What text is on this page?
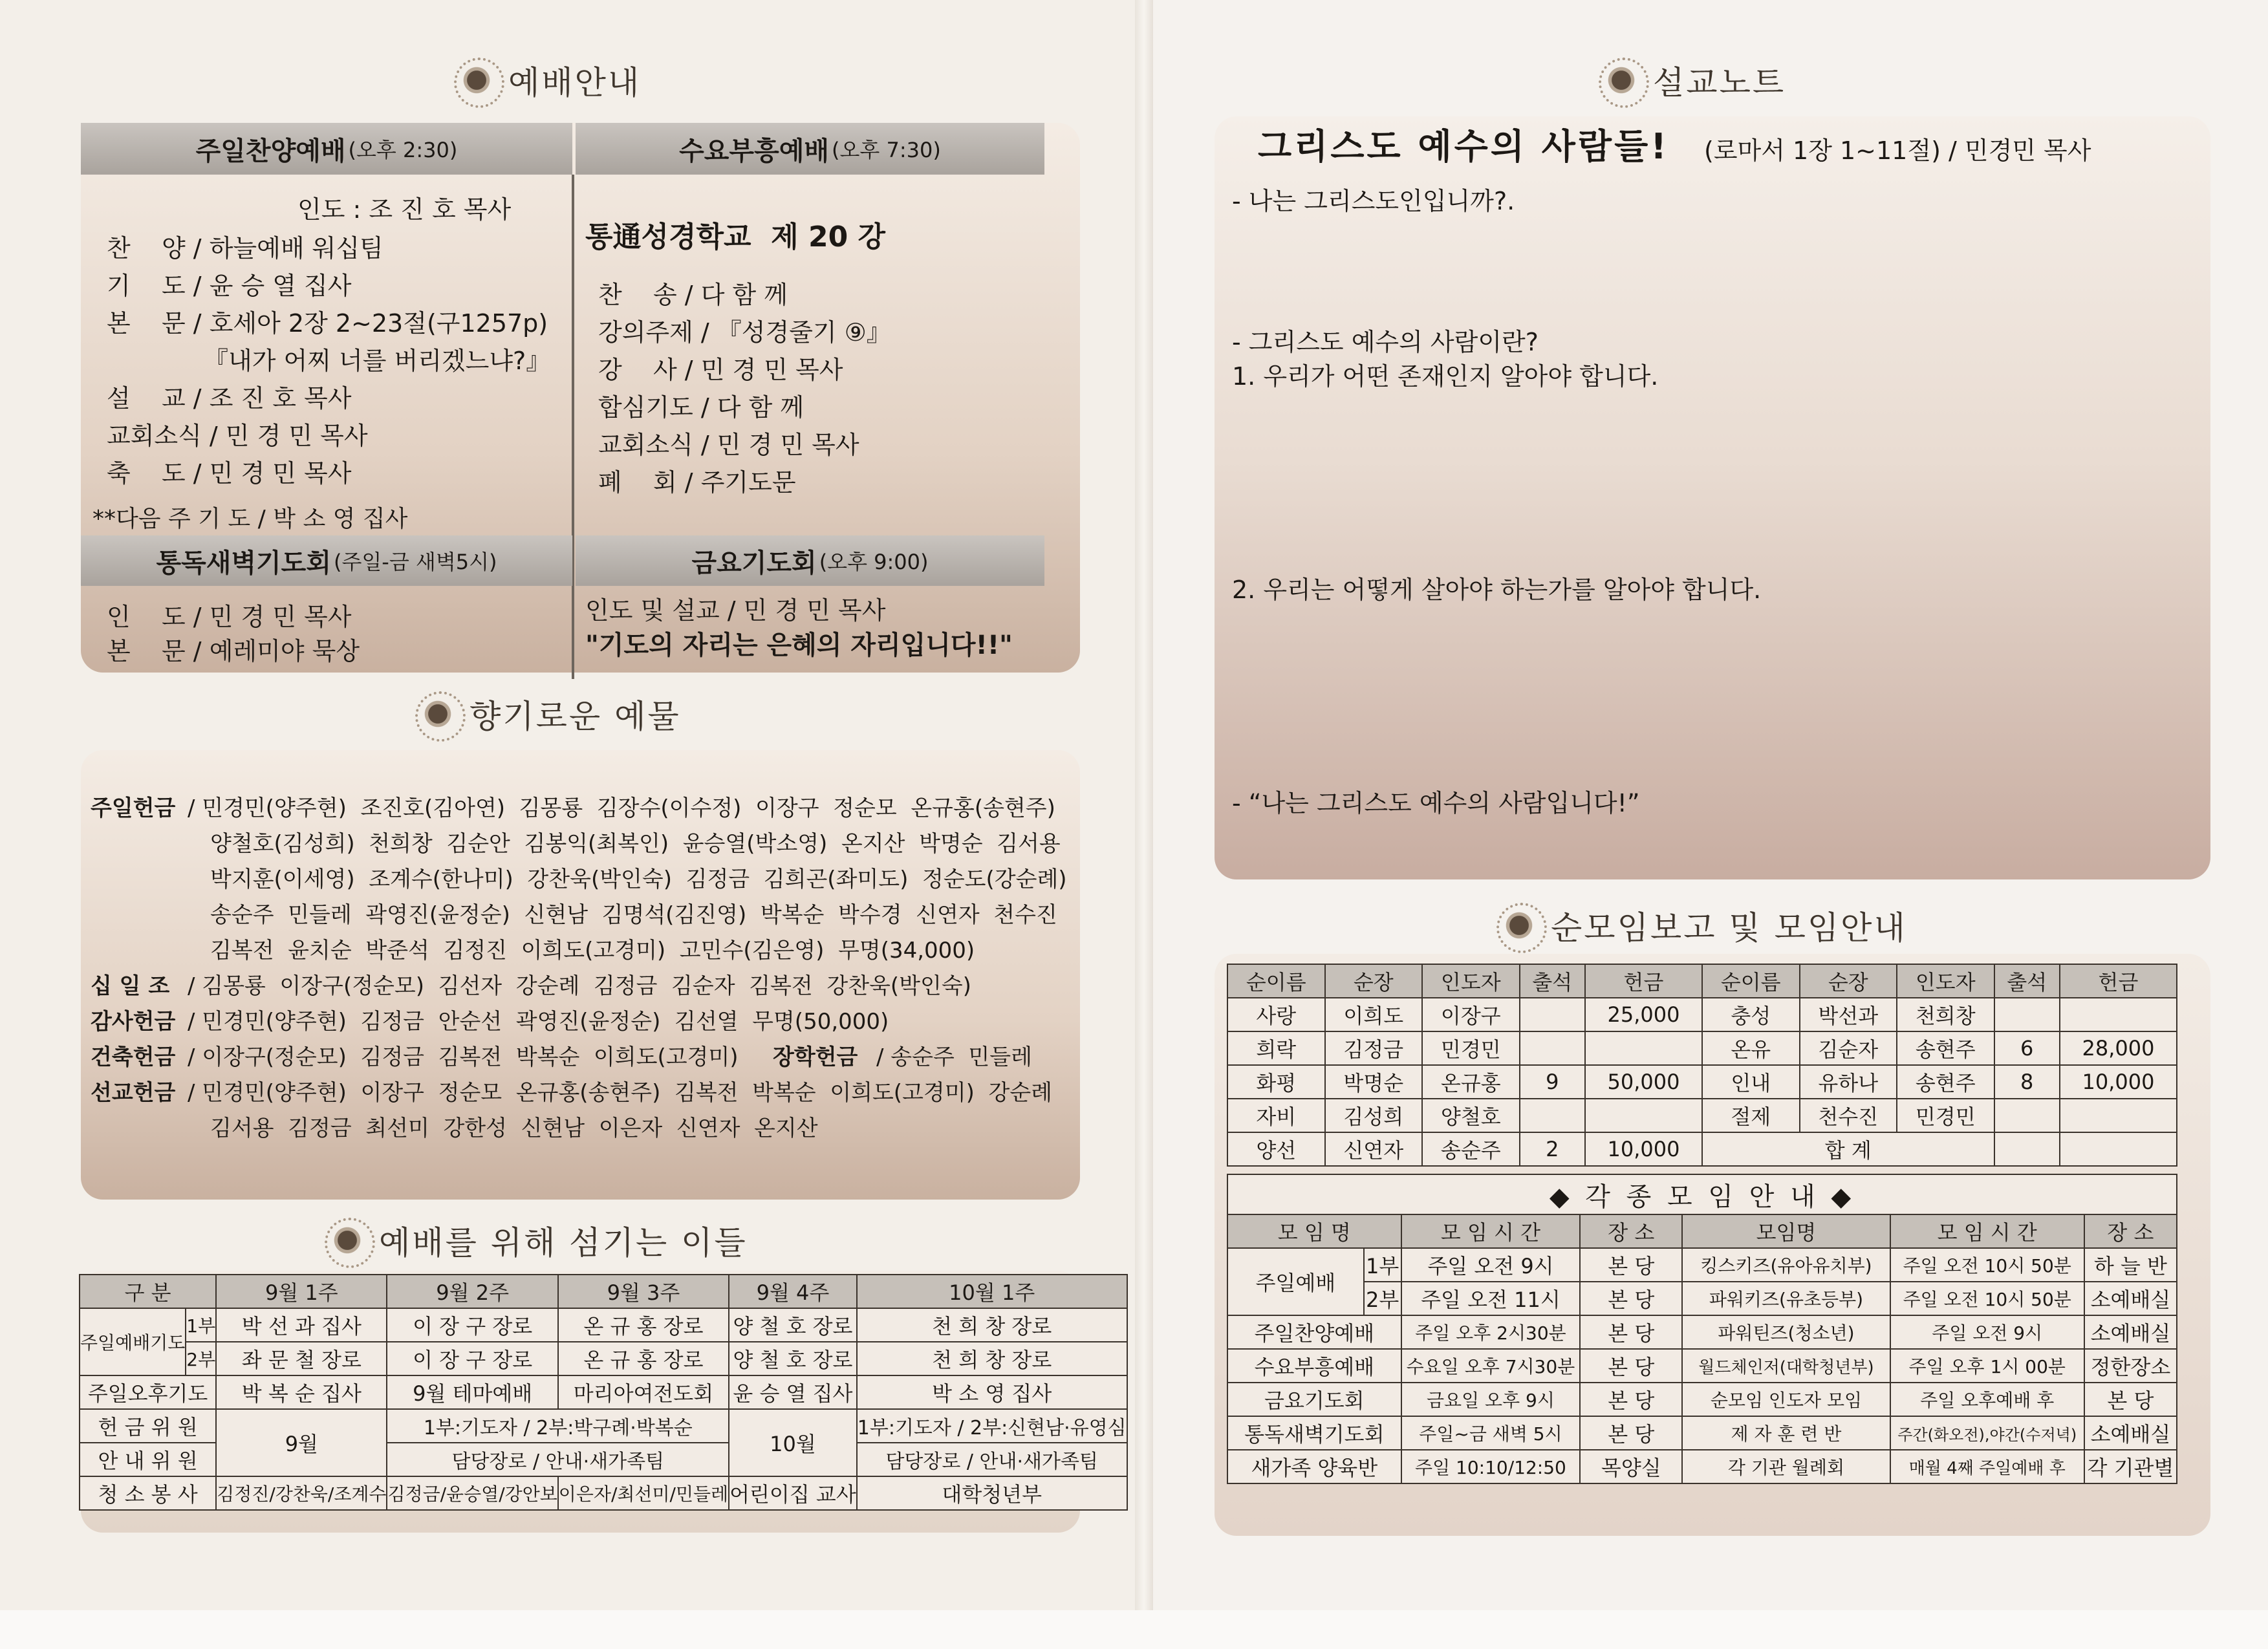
예배안내
주일찬양예배 (오후 2:30)	수요부흥예배 (오후 7:30)
인도 : 조 진 호 목사
찬    양 / 하늘예배 워십팀
기    도 / 윤 승 열 집사
본    문 / 호세아 2장 2~23절(구1257p)
『내가 어찌 너를 버리겠느냐?』
설    교 / 조 진 호 목사
교회소식 / 민 경 민 목사
축    도 / 민 경 민 목사
**다음 주 기 도 / 박 소 영 집사
통通성경학교  제 20 강
찬    송 / 다 함 께
강의주제 / 『성경줄기 ⑨』
강    사 / 민 경 민 목사
합심기도 / 다 함 께
교회소식 / 민 경 민 목사
폐    회 / 주기도문
통독새벽기도회 (주일-금 새벽5시)	금요기도회 (오후 9:00)
인    도 / 민 경 민 목사
본    문 / 예레미야 묵상
인도 및 설교 / 민 경 민 목사
"기도의 자리는 은혜의 자리입니다!!"
향기로운 예물
주일헌금 / 민경민(양주현)  조진호(김아연)  김몽룡  김장수(이수정)  이장구  정순모  온규홍(송현주)
양철호(김성희)  천희창  김순안  김봉익(최복인)  윤승열(박소영)  온지산  박명순  김서용
박지훈(이세영)  조계수(한나미)  강찬욱(박인숙)  김정금  김희곤(좌미도)  정순도(강순례)
송순주  민들레  곽영진(윤정순)  신현남  김명석(김진영)  박복순  박수경  신연자  천수진
김복전  윤치순  박준석  김정진  이희도(고경미)  고민수(김은영)  무명(34,000)
십 일 조 / 김몽룡  이장구(정순모)  김선자  강순례  김정금  김순자  김복전  강찬욱(박인숙)
감사헌금 / 민경민(양주현)  김정금  안순선  곽영진(윤정순)  김선열  무명(50,000)
건축헌금 / 이장구(정순모)  김정금  김복전  박복순  이희도(고경미) 장학헌금 / 송순주  민들레
선교헌금 / 민경민(양주현)  이장구  정순모  온규홍(송현주)  김복전  박복순  이희도(고경미)  강순례
김서용  김정금  최선미  강한성  신현남  이은자  신연자  온지산
예배를 위해 섬기는 이들
구 분		9월 1주	9월 2주	9월 3주	9월 4주	10월 1주
주일예배기도	1부	박 선 과 집사	이 장 구 장로	온 규 홍 장로	양 철 호 장로	천 희 창 장로
	2부	좌 문 철 장로	이 장 구 장로	온 규 홍 장로	양 철 호 장로	천 희 창 장로
주일오후기도		박 복 순 집사	9월 테마예배	마리아여전도회	윤 승 열 집사	박 소 영 집사
헌 금 위 원		9월	1부:기도자 / 2부:박구례·박복순		10월	1부:기도자 / 2부:신현남·유영심
안 내 위 원			담당장로 / 안내·새가족팀			담당장로 / 안내·새가족팀
청 소 봉 사		김정진/강찬욱/조계수	김정금/윤승열/강안보	이은자/최선미/민들레	어린이집 교사	대학청년부
설교노트
그리스도 예수의 사람들! (로마서 1장 1~11절) / 민경민 목사
- 나는 그리스도인입니까?.
- 그리스도 예수의 사람이란?
1. 우리가 어떤 존재인지 알아야 합니다.
2. 우리는 어떻게 살아야 하는가를 알아야 합니다.
- “나는 그리스도 예수의 사람입니다!”
순모임보고 및 모임안내
순이름	순장	인도자	출석	헌금	순이름	순장	인도자	출석	헌금
사랑	이희도	이장구		25,000	충성	박선과	천희창		
희락	김정금	민경민			온유	김순자	송현주	6	28,000
화평	박명순	온규홍	9	50,000	인내	유하나	송현주	8	10,000
자비	김성희	양철호			절제	천수진	민경민		
양선	신연자	송순주	2	10,000	합 계				
◆ 각 종 모 임 안 내 ◆						
모 임 명		모 임 시 간	장 소	모임명	모 임 시 간	장 소
주일예배	1부	주일 오전 9시	본 당	킹스키즈(유아유치부)	주일 오전 10시 50분	하 늘 반
	2부	주일 오전 11시	본 당	파워키즈(유초등부)	주일 오전 10시 50분	소예배실
주일찬양예배		주일 오후 2시30분	본 당	파워틴즈(청소년)	주일 오전 9시	소예배실
수요부흥예배		수요일 오후 7시30분	본 당	월드체인저(대학청년부)	주일 오후 1시 00분	정한장소
금요기도회		금요일 오후 9시	본 당	순모임 인도자 모임	주일 오후예배 후	본 당
통독새벽기도회		주일~금 새벽 5시	본 당	제 자 훈 련 반	주간(화오전),야간(수저녁)	소예배실
새가족 양육반		주일 10:10/12:50	목양실	각 기관 월례회	매월 4째 주일예배 후	각 기관별
